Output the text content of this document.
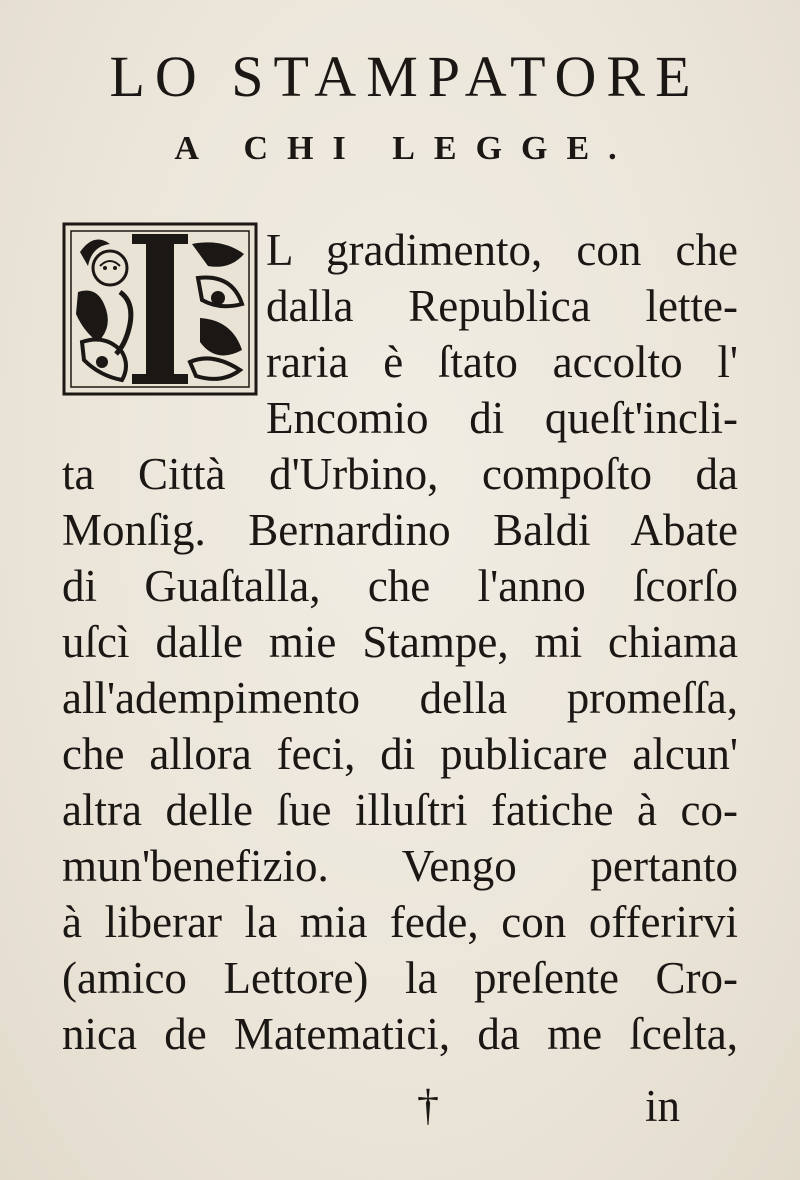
LO STAMPATORE
A CHI LEGGE.

L gradimento, con che

dalla Republica lette-

raria è ſtato accolto l'

Encomio di queſt'incli-

ta Città d'Urbino, compoſto da

Monſig. Bernardino Baldi Abate

di Guaſtalla, che l'anno ſcorſo

uſcì dalle mie Stampe, mi chiama

all'adempimento della promeſſa,

che allora feci, di publicare alcun'

altra delle ſue illuſtri fatiche à co-

mun'benefizio. Vengo pertanto

à liberar la mia fede, con offerirvi

(amico Lettore) la preſente Cro-

nica de Matematici, da me ſcelta,

†	in
